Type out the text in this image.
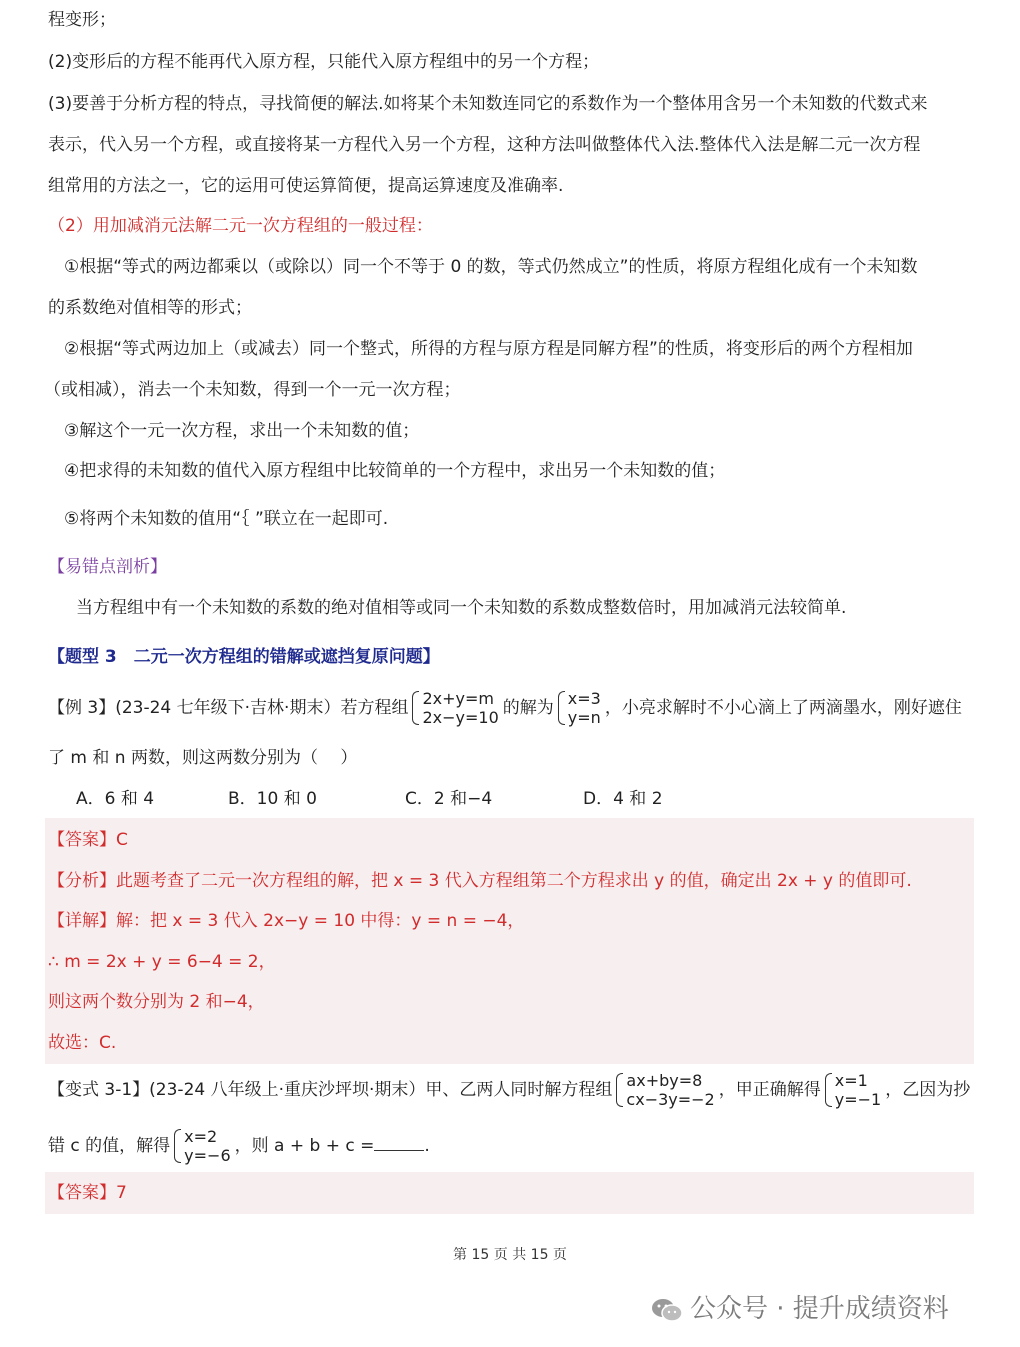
程变形；
(2)变形后的方程不能再代入原方程，只能代入原方程组中的另一个方程；
(3)要善于分析方程的特点，寻找简便的解法.如将某个未知数连同它的系数作为一个整体用含另一个未知数的代数式来
表示，代入另一个方程，或直接将某一方程代入另一个方程，这种方法叫做整体代入法.整体代入法是解二元一次方程
组常用的方法之一，它的运用可使运算简便，提高运算速度及准确率.
（2）用加减消元法解二元一次方程组的一般过程：
①根据“等式的两边都乘以（或除以）同一个不等于 0 的数，等式仍然成立”的性质，将原方程组化成有一个未知数
的系数绝对值相等的形式；
②根据“等式两边加上（或减去）同一个整式，所得的方程与原方程是同解方程”的性质，将变形后的两个方程相加
（或相减），消去一个未知数，得到一个一元一次方程；
③解这个一元一次方程，求出一个未知数的值；
④把求得的未知数的值代入原方程组中比较简单的一个方程中，求出另一个未知数的值；
⑤将两个未知数的值用“｛ ”联立在一起即可.
【易错点剖析】
当方程组中有一个未知数的系数的绝对值相等或同一个未知数的系数成整数倍时，用加减消元法较简单.
【题型 3　二元一次方程组的错解或遮挡复原问题】
【例 3】(23-24 七年级下·吉林·期末）若方程组 2x+y=m
2x−y=10 的解为 x=3
y=n ，小亮求解时不小心滴上了两滴墨水，刚好遮住
了 m 和 n 两数，则这两数分别为（　 ）
A．6 和 4	B．10 和 0	C．2 和−4	D．4 和 2
【答案】C
【分析】此题考查了二元一次方程组的解，把 x = 3 代入方程组第二个方程求出 y 的值，确定出 2x + y 的值即可.
【详解】解：把 x = 3 代入 2x−y = 10 中得：y = n = −4，
∴ m = 2x + y = 6−4 = 2，
则这两个数分别为 2 和−4，
故选：C.
【变式 3-1】(23-24 八年级上·重庆沙坪坝·期末）甲、乙两人同时解方程组 ax+by=8
cx−3y=−2 ，甲正确解得 x=1
y=−1 ，乙因为抄
错 c 的值，解得 x=2
y=−6 ，则 a + b + c =	.
【答案】7
第 15 页 共 15 页
公众号 · 提升成绩资料
